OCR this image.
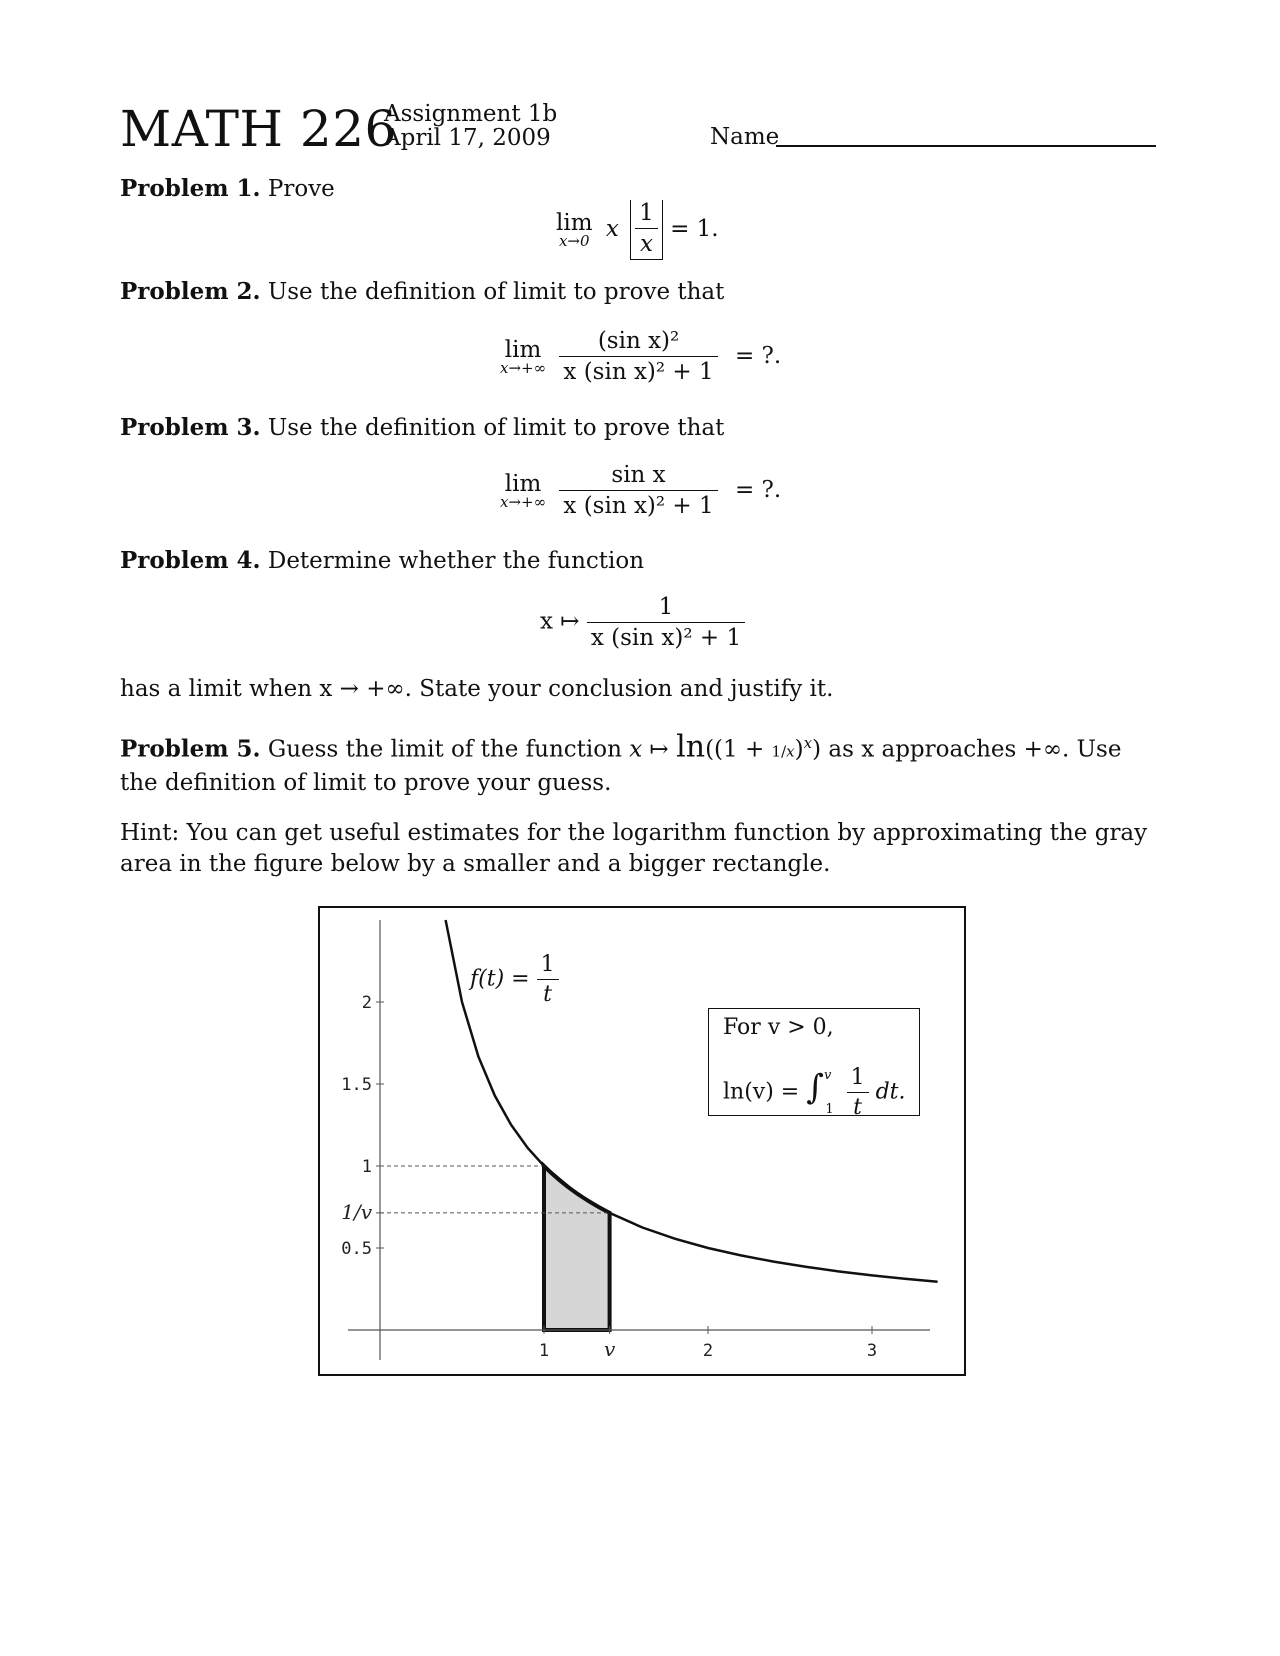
MATH 226
Assignment 1b
April 17, 2009	Name
Problem 1. Prove
lim
x→0 x $\frac{1}{x} = 1$.
Problem 2. Use the definition of limit to prove that
lim
x→+∞
$\frac{\text{(sin x)²}}{\text{x (sin x)² + 1}}$ = ?.
Problem 3. Use the definition of limit to prove that
lim
x→+∞
$\frac{\text{sin x}}{\text{x (sin x)² + 1}}$ = ?.
Problem 4. Determine whether the function
x ↦ $\frac{1}{\text{x (sin x)² + 1}}$
has a limit when x → +∞. State your conclusion and justify it.
Problem 5. Guess the limit of the function x ↦ $\ln((1 + 1/x)^x)$ as x approaches +∞. Use the definition of limit to prove your guess.
Hint: You can get useful estimates for the logarithm function by approximating the gray area in the figure below by a smaller and a bigger rectangle.
2
1.5
1
1/v
0.5
1	v	2	3
$f(t) = \frac{1}{t}$
For v > 0,
$\ln(v) = \int^v_1 \frac{1}{t}$ dt.
